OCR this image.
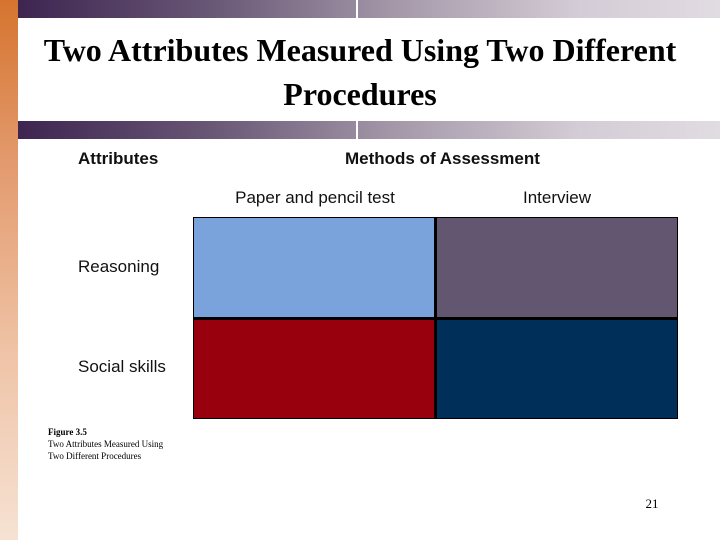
Two Attributes Measured Using Two Different Procedures
Attributes	Methods of Assessment
Paper and pencil test	Interview
Reasoning
Social skills
Figure 3.5
Two Attributes Measured Using Two Different Procedures
21
